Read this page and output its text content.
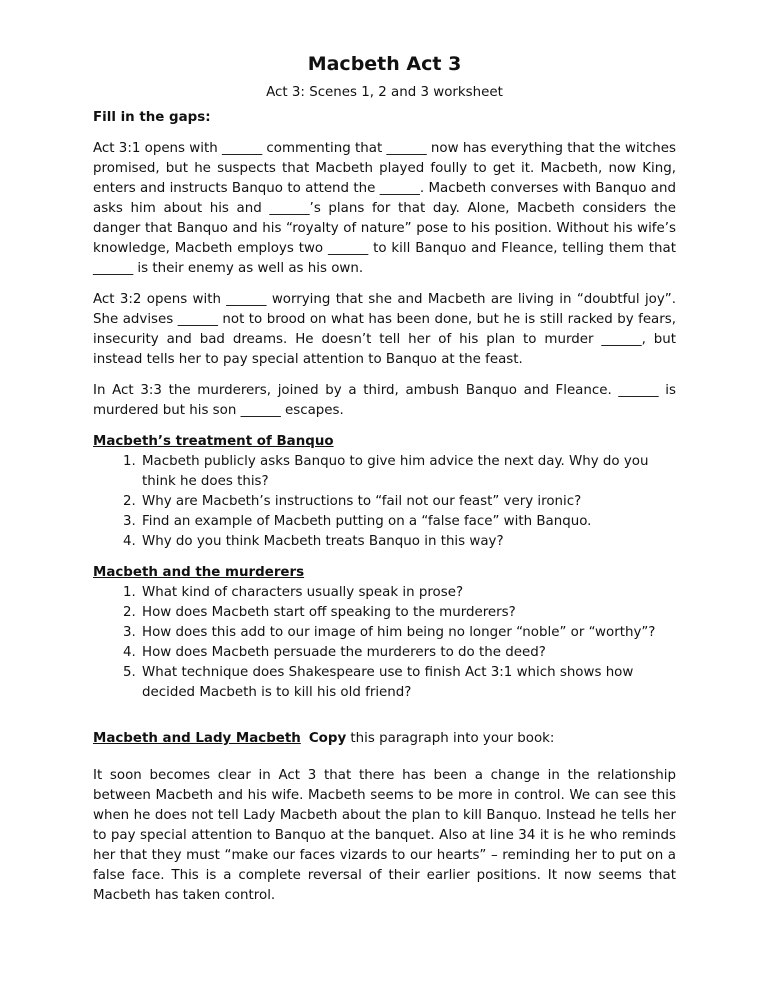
Macbeth Act 3
Act 3: Scenes 1, 2 and 3 worksheet
Fill in the gaps:

Act 3:1 opens with ______ commenting that ______ now has everything that the witches promised, but he suspects that Macbeth played foully to get it. Macbeth, now King, enters and instructs Banquo to attend the ______. Macbeth converses with Banquo and asks him about his and ______’s plans for that day. Alone, Macbeth considers the danger that Banquo and his “royalty of nature” pose to his position. Without his wife’s knowledge, Macbeth employs two ______ to kill Banquo and Fleance, telling them that ______ is their enemy as well as his own.

Act 3:2 opens with ______ worrying that she and Macbeth are living in “doubtful joy”. She advises ______ not to brood on what has been done, but he is still racked by fears, insecurity and bad dreams. He doesn’t tell her of his plan to murder ______, but instead tells her to pay special attention to Banquo at the feast.

In Act 3:3 the murderers, joined by a third, ambush Banquo and Fleance. ______ is murdered but his son ______ escapes.

Macbeth’s treatment of Banquo
1. Macbeth publicly asks Banquo to give him advice the next day. Why do you think he does this?
2. Why are Macbeth’s instructions to “fail not our feast” very ironic?
3. Find an example of Macbeth putting on a “false face” with Banquo.
4. Why do you think Macbeth treats Banquo in this way?
Macbeth and the murderers
1. What kind of characters usually speak in prose?
2. How does Macbeth start off speaking to the murderers?
3. How does this add to our image of him being no longer “noble” or “worthy”?
4. How does Macbeth persuade the murderers to do the deed?
5. What technique does Shakespeare use to finish Act 3:1 which shows how decided Macbeth is to kill his old friend?
Macbeth and Lady Macbeth Copy this paragraph into your book:

It soon becomes clear in Act 3 that there has been a change in the relationship between Macbeth and his wife. Macbeth seems to be more in control. We can see this when he does not tell Lady Macbeth about the plan to kill Banquo. Instead he tells her to pay special attention to Banquo at the banquet. Also at line 34 it is he who reminds her that they must “make our faces vizards to our hearts” – reminding her to put on a false face. This is a complete reversal of their earlier positions. It now seems that Macbeth has taken control.
